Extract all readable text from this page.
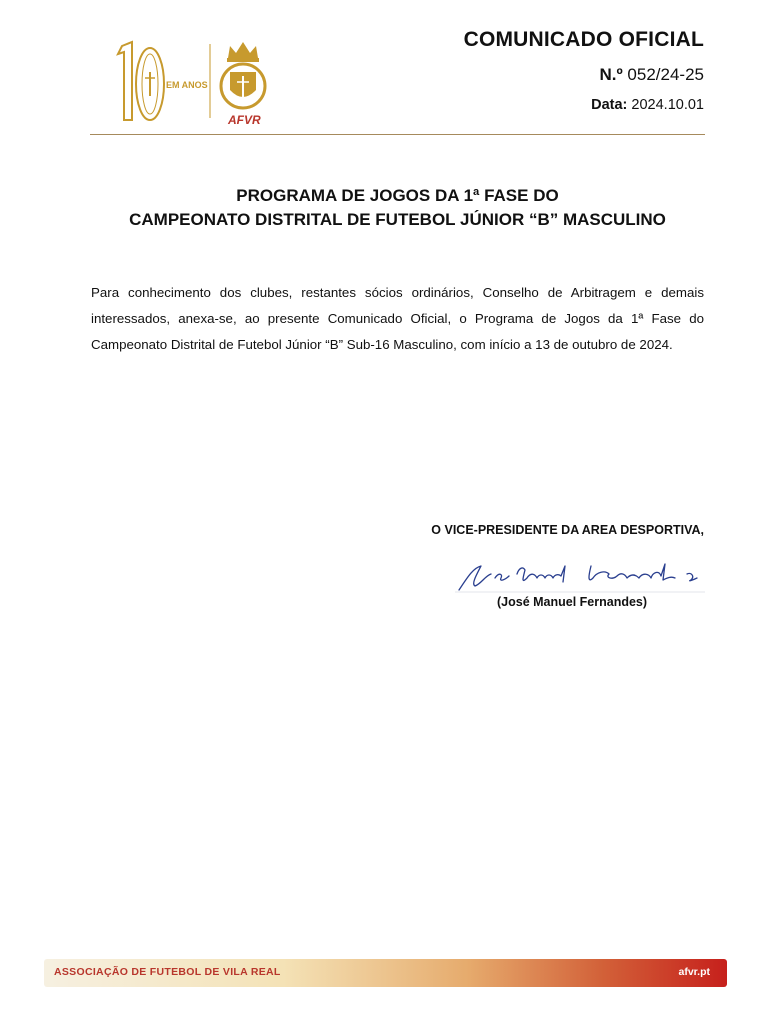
EM ANOS
AFVR
COMUNICADO OFICIAL
N.º 052/24-25
Data: 2024.10.01
PROGRAMA DE JOGOS DA 1ª FASE DO
CAMPEONATO DISTRITAL DE FUTEBOL JÚNIOR “B” MASCULINO
Para conhecimento dos clubes, restantes sócios ordinários, Conselho de Arbitragem e demais interessados, anexa-se, ao presente Comunicado Oficial, o Programa de Jogos da 1ª Fase do Campeonato Distrital de Futebol Júnior “B” Sub-16 Masculino, com início a 13 de outubro de 2024.
O VICE-PRESIDENTE DA AREA DESPORTIVA,
(José Manuel Fernandes)
ASSOCIAÇÃO DE FUTEBOL DE VILA REAL	afvr.pt
